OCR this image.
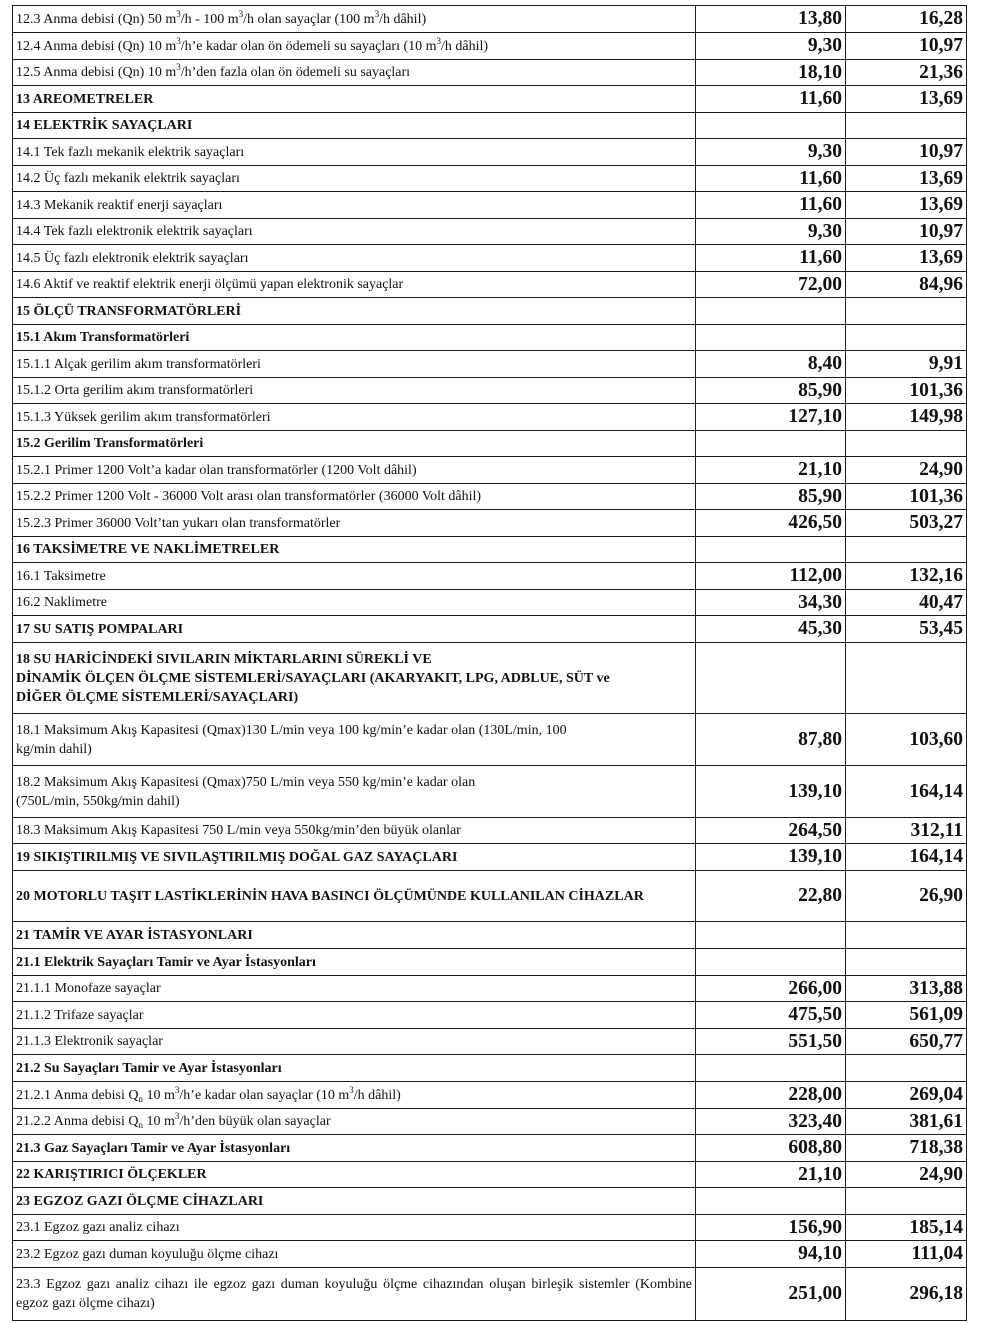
12.3 Anma debisi (Qn) 50 $m^3/h - 100$ $m^3/h$ olan sayaçlar (100 $m^3/h$ dâhil)	13,80	16,28
12.4 Anma debisi (Qn) 10 $m^3/h’e$ kadar olan ön ödemeli su sayaçları (10 $m^3/h$ dâhil)	9,30	10,97
12.5 Anma debisi (Qn) 10 $m^3/h’den$ fazla olan ön ödemeli su sayaçları	18,10	21,36
13 AREOMETRELER	11,60	13,69
14 ELEKTRİK SAYAÇLARI		
14.1 Tek fazlı mekanik elektrik sayaçları	9,30	10,97
14.2 Üç fazlı mekanik elektrik sayaçları	11,60	13,69
14.3 Mekanik reaktif enerji sayaçları	11,60	13,69
14.4 Tek fazlı elektronik elektrik sayaçları	9,30	10,97
14.5 Üç fazlı elektronik elektrik sayaçları	11,60	13,69
14.6 Aktif ve reaktif elektrik enerji ölçümü yapan elektronik sayaçlar	72,00	84,96
15 ÖLÇÜ TRANSFORMATÖRLERİ		
15.1 Akım Transformatörleri		
15.1.1 Alçak gerilim akım transformatörleri	8,40	9,91
15.1.2 Orta gerilim akım transformatörleri	85,90	101,36
15.1.3 Yüksek gerilim akım transformatörleri	127,10	149,98
15.2 Gerilim Transformatörleri		
15.2.1 Primer 1200 Volt’a kadar olan transformatörler (1200 Volt dâhil)	21,10	24,90
15.2.2 Primer 1200 Volt - 36000 Volt arası olan transformatörler (36000 Volt dâhil)	85,90	101,36
15.2.3 Primer 36000 Volt’tan yukarı olan transformatörler	426,50	503,27
16 TAKSİMETRE VE NAKLİMETRELER		
16.1 Taksimetre	112,00	132,16
16.2 Naklimetre	34,30	40,47
17 SU SATIŞ POMPALARI	45,30	53,45
18 SU HARİCİNDEKİ SIVILARIN MİKTARLARINI SÜREKLİ VE
DİNAMİK ÖLÇEN ÖLÇME SİSTEMLERİ/SAYAÇLARI (AKARYAKIT, LPG, ADBLUE, SÜT ve
DİĞER ÖLÇME SİSTEMLERİ/SAYAÇLARI)		
18.1 Maksimum Akış Kapasitesi (Qmax)130 L/min veya 100 kg/min’e kadar olan (130L/min, 100
kg/min dahil)	87,80	103,60
18.2 Maksimum Akış Kapasitesi (Qmax)750 L/min veya 550 kg/min’e kadar olan
(750L/min, 550kg/min dahil)	139,10	164,14
18.3 Maksimum Akış Kapasitesi 750 L/min veya 550kg/min’den büyük olanlar	264,50	312,11
19 SIKIŞTIRILMIŞ VE SIVILAŞTIRILMIŞ DOĞAL GAZ SAYAÇLARI	139,10	164,14
20 MOTORLU TAŞIT LASTİKLERİNİN HAVA BASINCI ÖLÇÜMÜNDE KULLANILAN CİHAZLAR	22,80	26,90
21 TAMİR VE AYAR İSTASYONLARI		
21.1 Elektrik Sayaçları Tamir ve Ayar İstasyonları		
21.1.1 Monofaze sayaçlar	266,00	313,88
21.1.2 Trifaze sayaçlar	475,50	561,09
21.1.3 Elektronik sayaçlar	551,50	650,77
21.2 Su Sayaçları Tamir ve Ayar İstasyonları		
21.2.1 Anma debisi $Q_n$ 10 $m^3/h’e$ kadar olan sayaçlar (10 $m^3/h$ dâhil)	228,00	269,04
21.2.2 Anma debisi $Q_n$ 10 $m^3/h’den$ büyük olan sayaçlar	323,40	381,61
21.3 Gaz Sayaçları Tamir ve Ayar İstasyonları	608,80	718,38
22 KARIŞTIRICI ÖLÇEKLER	21,10	24,90
23 EGZOZ GAZI ÖLÇME CİHAZLARI		
23.1 Egzoz gazı analiz cihazı	156,90	185,14
23.2 Egzoz gazı duman koyuluğu ölçme cihazı	94,10	111,04
23.3 Egzoz gazı analiz cihazı ile egzoz gazı duman koyuluğu ölçme cihazından oluşan birleşik sistemler (Kombine egzoz gazı ölçme cihazı)	251,00	296,18
